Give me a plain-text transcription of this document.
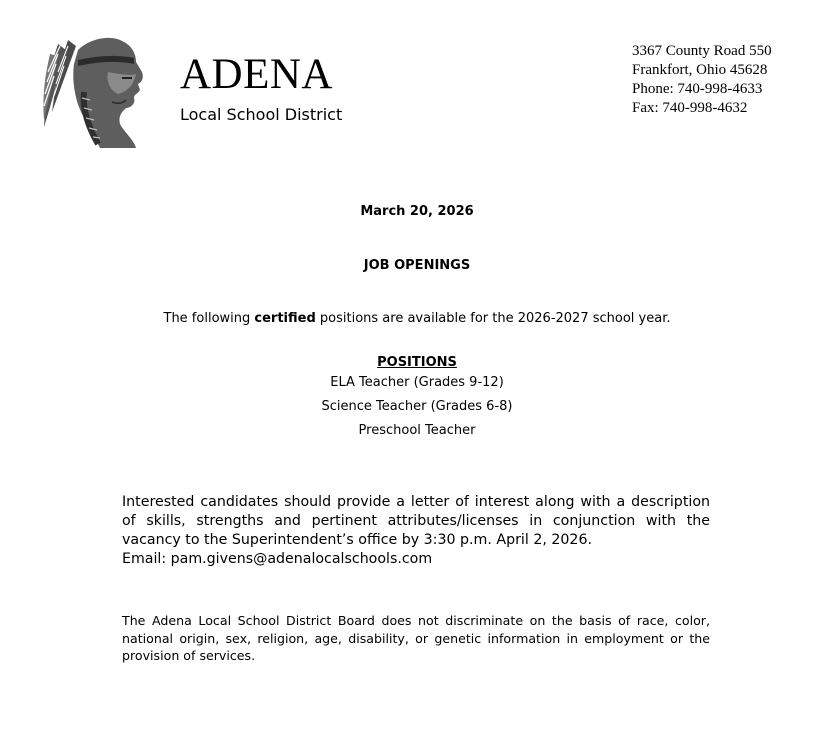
ADENA
Local School District
3367 County Road 550
Frankfort, Ohio 45628
Phone: 740-998-4633
Fax: 740-998-4632
March 20, 2026
JOB OPENINGS
The following certified positions are available for the 2026-2027 school year.
POSITIONS
ELA Teacher (Grades 9-12)
Science Teacher (Grades 6-8)
Preschool Teacher
Interested candidates should provide a letter of interest along with a description of skills, strengths and pertinent attributes/licenses in conjunction with the vacancy to the Superintendent’s office by 3:30 p.m. April 2, 2026.
Email: pam.givens@adenalocalschools.com
The Adena Local School District Board does not discriminate on the basis of race, color, national origin, sex, religion, age, disability, or genetic information in employment or the provision of services.
